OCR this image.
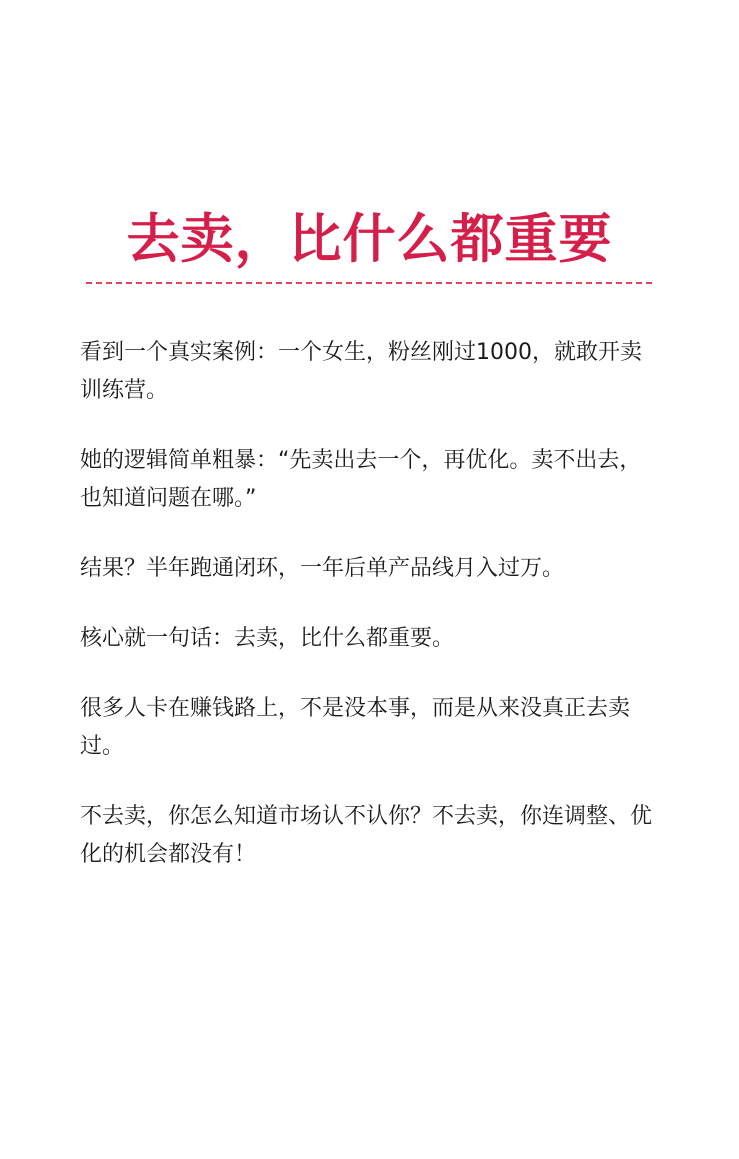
去卖，比什么都重要

看到一个真实案例：一个女生，粉丝刚过1000，就敢开卖训练营。

她的逻辑简单粗暴：“先卖出去一个，再优化。卖不出去，也知道问题在哪。”

结果？半年跑通闭环，一年后单产品线月入过万。

核心就一句话：去卖，比什么都重要。

很多人卡在赚钱路上，不是没本事，而是从来没真正去卖过。

不去卖，你怎么知道市场认不认你？不去卖，你连调整、优化的机会都没有！
